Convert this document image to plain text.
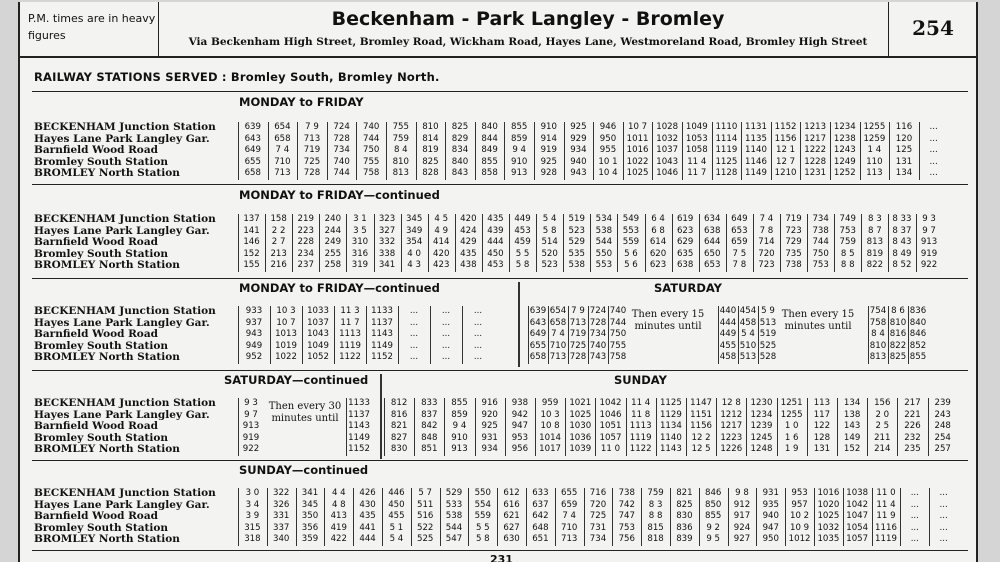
P.M. times are in heavy figures
Beckenham - Park Langley - Bromley
Via Beckenham High Street, Bromley Road, Wickham Road, Hayes Lane, Westmoreland Road, Bromley High Street
254
RAILWAY STATIONS SERVED : Bromley South, Bromley North.
MONDAY to FRIDAY
BECKENHAM Junction Station
Hayes Lane Park Langley Gar.
Barnfield Wood Road
Bromley South Station
BROMLEY North Station
639
643
649
655
658
654
658
7 4
710
713
7 9
713
719
725
728
724
728
734
740
744
740
744
750
755
758
755
759
8 4
810
813
810
814
819
825
828
825
829
834
840
843
840
844
849
855
858
855
859
9 4
910
913
910
914
919
925
928
925
929
934
940
943
946
950
955
10 1
10 4
10 7
1011
1016
1022
1025
1028
1032
1037
1043
1046
1049
1053
1058
11 4
11 7
1110
1114
1119
1125
1128
1131
1135
1140
1146
1149
1152
1156
12 1
12 7
1210
1213
1217
1222
1228
1231
1234
1238
1243
1249
1252
1255
1259
1 4
110
113
116
120
125
131
134
...
...
...
...
...
MONDAY to FRIDAY—continued
BECKENHAM Junction Station
Hayes Lane Park Langley Gar.
Barnfield Wood Road
Bromley South Station
BROMLEY North Station
137
141
146
152
155
158
2 2
2 7
213
216
219
223
228
234
237
240
244
249
255
258
3 1
3 5
310
316
319
323
327
332
338
341
345
349
354
4 0
4 3
4 5
4 9
414
420
423
420
424
429
435
438
435
439
444
450
453
449
453
459
5 5
5 8
5 4
5 8
514
520
523
519
523
529
535
538
534
538
544
550
553
549
553
559
5 6
5 6
6 4
6 8
614
620
623
619
623
629
635
638
634
638
644
650
653
649
653
659
7 5
7 8
7 4
7 8
714
720
723
719
723
729
735
738
734
738
744
750
753
749
753
759
8 5
8 8
8 3
8 7
813
819
822
8 33
8 37
8 43
8 49
8 52
9 3
9 7
913
919
922
MONDAY to FRIDAY—continued	SATURDAY
BECKENHAM Junction Station
Hayes Lane Park Langley Gar.
Barnfield Wood Road
Bromley South Station
BROMLEY North Station
933
937
943
949
952
10 3
10 7
1013
1019
1022
1033
1037
1043
1049
1052
11 3
11 7
1113
1119
1122
1133
1137
1143
1149
1152
...
...
...
...
...
...
...
...
...
...
...
...
...
...
...
639
643
649
655
658
654
658
7 4
710
713
7 9
713
719
725
728
724
728
734
740
743
740
744
750
755
758
440
444
449
455
458
454
458
5 4
510
513
5 9
513
519
525
528
754
758
8 4
810
813
8 6
810
816
822
825
836
840
846
852
855
Then every 15 minutes until
Then every 15 minutes until
SATURDAY—continued	SUNDAY
BECKENHAM Junction Station
Hayes Lane Park Langley Gar.
Barnfield Wood Road
Bromley South Station
BROMLEY North Station
9 3
9 7
913
919
922
1133
1137
1143
1149
1152
Then every 30 minutes until
812
816
821
827
830
833
837
842
848
851
855
859
9 4
910
913
916
920
925
931
934
938
942
947
953
956
959
10 3
10 8
1014
1017
1021
1025
1030
1036
1039
1042
1046
1051
1057
11 0
11 4
11 8
1113
1119
1122
1125
1129
1134
1140
1143
1147
1151
1156
12 2
12 5
12 8
1212
1217
1223
1226
1230
1234
1239
1245
1248
1251
1255
1 0
1 6
1 9
113
117
122
128
131
134
138
143
149
152
156
2 0
2 5
211
214
217
221
226
232
235
239
243
248
254
257
SUNDAY—continued
BECKENHAM Junction Station
Hayes Lane Park Langley Gar.
Barnfield Wood Road
Bromley South Station
BROMLEY North Station
3 0
3 4
3 9
315
318
322
326
331
337
340
341
345
350
356
359
4 4
4 8
413
419
422
426
430
435
441
444
446
450
455
5 1
5 4
5 7
511
516
522
525
529
533
538
544
547
550
554
559
5 5
5 8
612
616
621
627
630
633
637
642
648
651
655
659
7 4
710
713
716
720
725
731
734
738
742
747
753
756
759
8 3
8 8
815
818
821
825
830
836
839
846
850
855
9 2
9 5
9 8
912
917
924
927
931
935
940
947
950
953
957
10 2
10 9
1012
1016
1020
1025
1032
1035
1038
1042
1047
1054
1057
11 0
11 4
11 9
1116
1119
...
...
...
...
...
...
...
...
...
...
231
